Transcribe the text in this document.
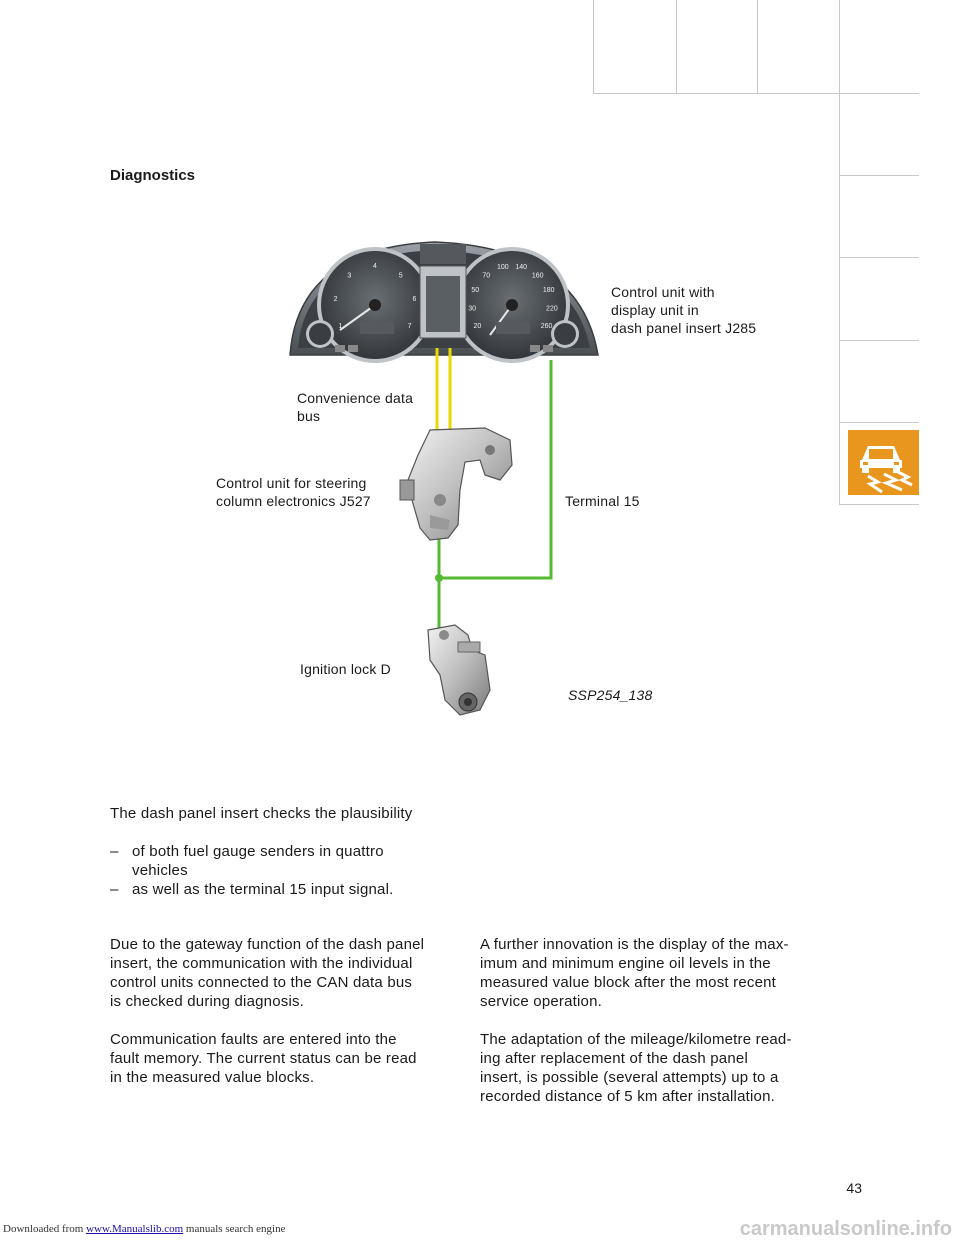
Diagnostics
1
2
3
4
5
6
7	20
30
50
70
100 140
160
180
220
260
Control unit with
display unit in
dash panel insert J285
Convenience data
bus
Control unit for steering
column electronics J527	Terminal 15
Ignition lock D
SSP254_138

The dash panel insert checks the plausibility

– of both fuel gauge senders in quattro
vehicles
– as well as the terminal 15 input signal.

Due to the gateway function of the dash panel
insert, the communication with the individual
control units connected to the CAN data bus
is checked during diagnosis.

Communication faults are entered into the
fault memory. The current status can be read
in the measured value blocks.

A further innovation is the display of the max-
imum and minimum engine oil levels in the
measured value block after the most recent
service operation.

The adaptation of the mileage/kilometre read-
ing after replacement of the dash panel
insert, is possible (several attempts) up to a
recorded distance of 5 km after installation.

43
Downloaded from www.Manualslib.com manuals search engine	carmanualsonline.info
